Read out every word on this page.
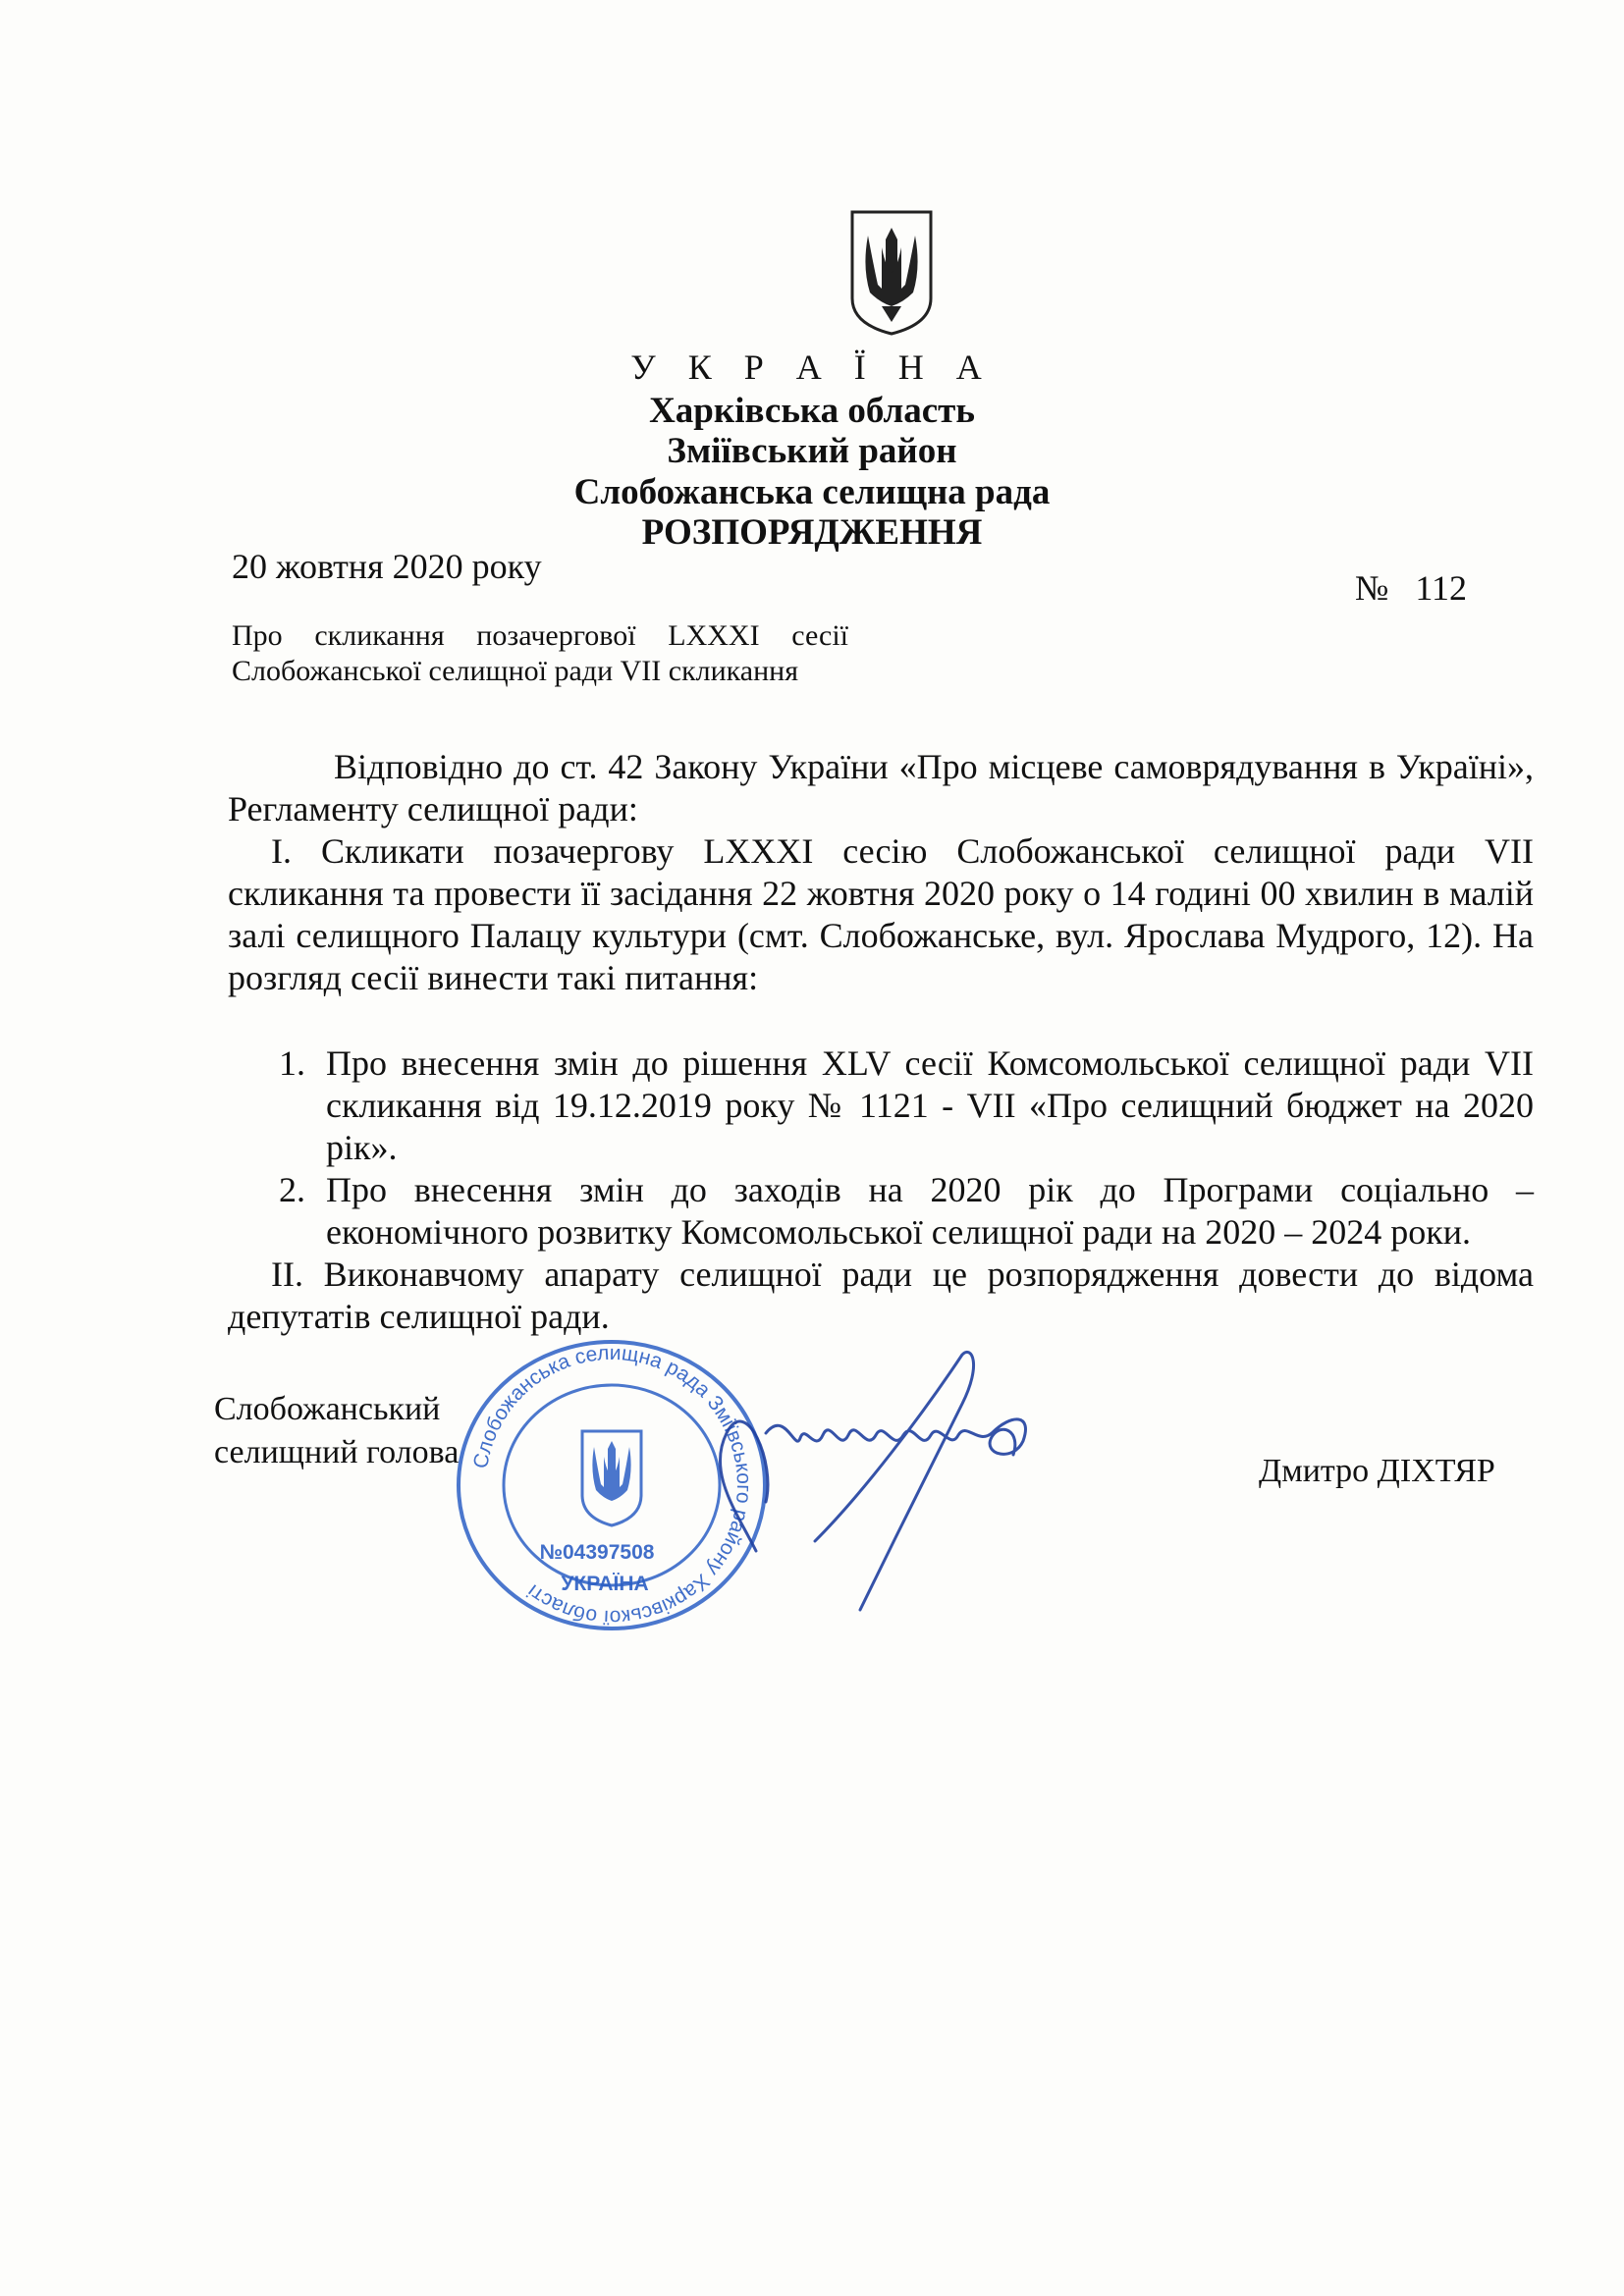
У К Р А Ї Н А
Харківська область
Зміївський район
Слобожанська селищна рада
РОЗПОРЯДЖЕННЯ
20 жовтня 2020 року
№   112
Про скликання позачергової LXXXI сесії Слобожанської селищної ради VII скликання

Відповідно до ст. 42 Закону України «Про місцеве самоврядування в Україні», Регламенту селищної ради:

I. Скликати позачергову LXXXI сесію Слобожанської селищної ради VII скликання та провести її засідання 22 жовтня 2020 року о 14 годині 00 хвилин в малій залі селищного Палацу культури (смт. Слобожанське, вул. Ярослава Мудрого, 12). На розгляд сесії винести такі питання:

1. Про внесення змін до рішення XLV сесії Комсомольської селищної ради VII скликання від 19.12.2019 року № 1121 - VII «Про селищний бюджет на 2020 рік».
2. Про внесення змін до заходів на 2020 рік до Програми соціально – економічного розвитку Комсомольської селищної ради на 2020 – 2024 роки.

II. Виконавчому апарату селищної ради це розпорядження довести до відома депутатів селищної ради.

Слобожанська селищна рада Зміївського району Харківської області
№04397508
УКРАЇНА
Слобожанський
селищний голова
Дмитро ДІХТЯР
